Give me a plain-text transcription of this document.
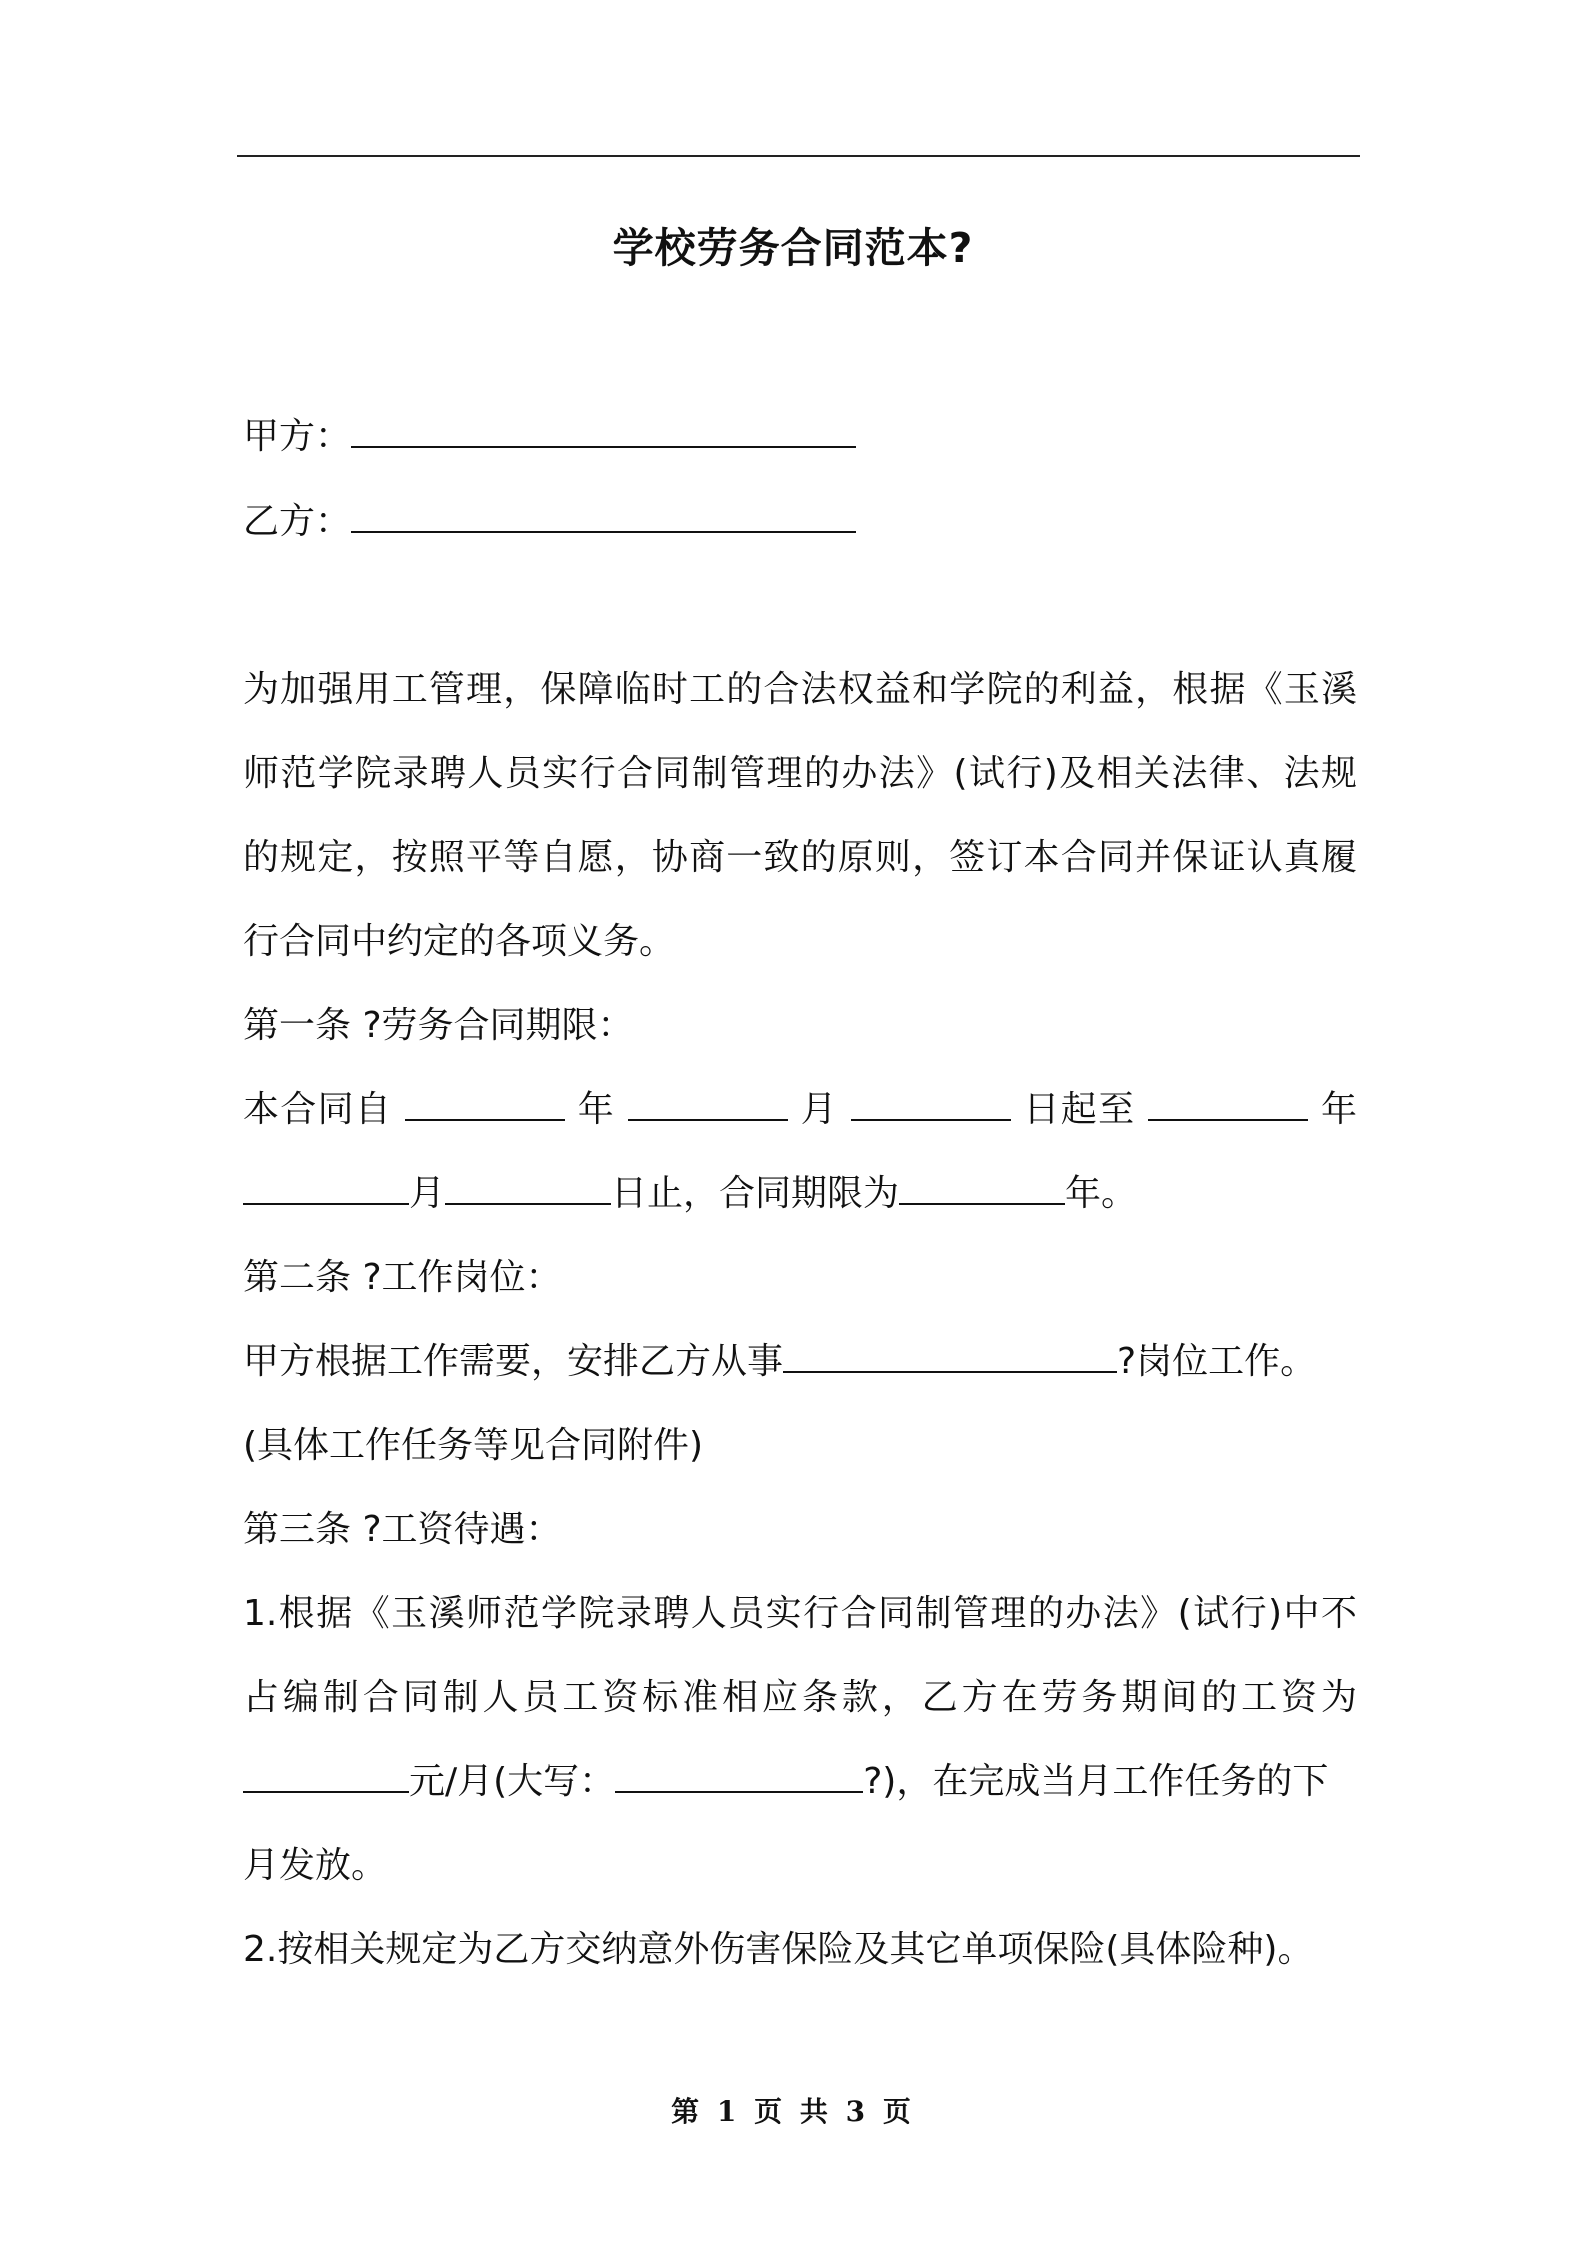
学校劳务合同范本?
甲方：
乙方：
为加强用工管理，保障临时工的合法权益和学院的利益，根据《玉溪
师范学院录聘人员实行合同制管理的办法》(试行)及相关法律、法规
的规定，按照平等自愿，协商一致的原则，签订本合同并保证认真履
行合同中约定的各项义务。
第一条 ?劳务合同期限：
本合同自	年	月	日起至	年
月	日止，合同期限为	年。
第二条 ?工作岗位：
甲方根据工作需要，安排乙方从事	?岗位工作。
(具体工作任务等见合同附件)
第三条 ?工资待遇：
1.根据《玉溪师范学院录聘人员实行合同制管理的办法》(试行)中不
占编制合同制人员工资标准相应条款，乙方在劳务期间的工资为
元/月(大写：	?)，在完成当月工作任务的下
月发放。
2.按相关规定为乙方交纳意外伤害保险及其它单项保险(具体险种)。
第 1 页 共 3 页
